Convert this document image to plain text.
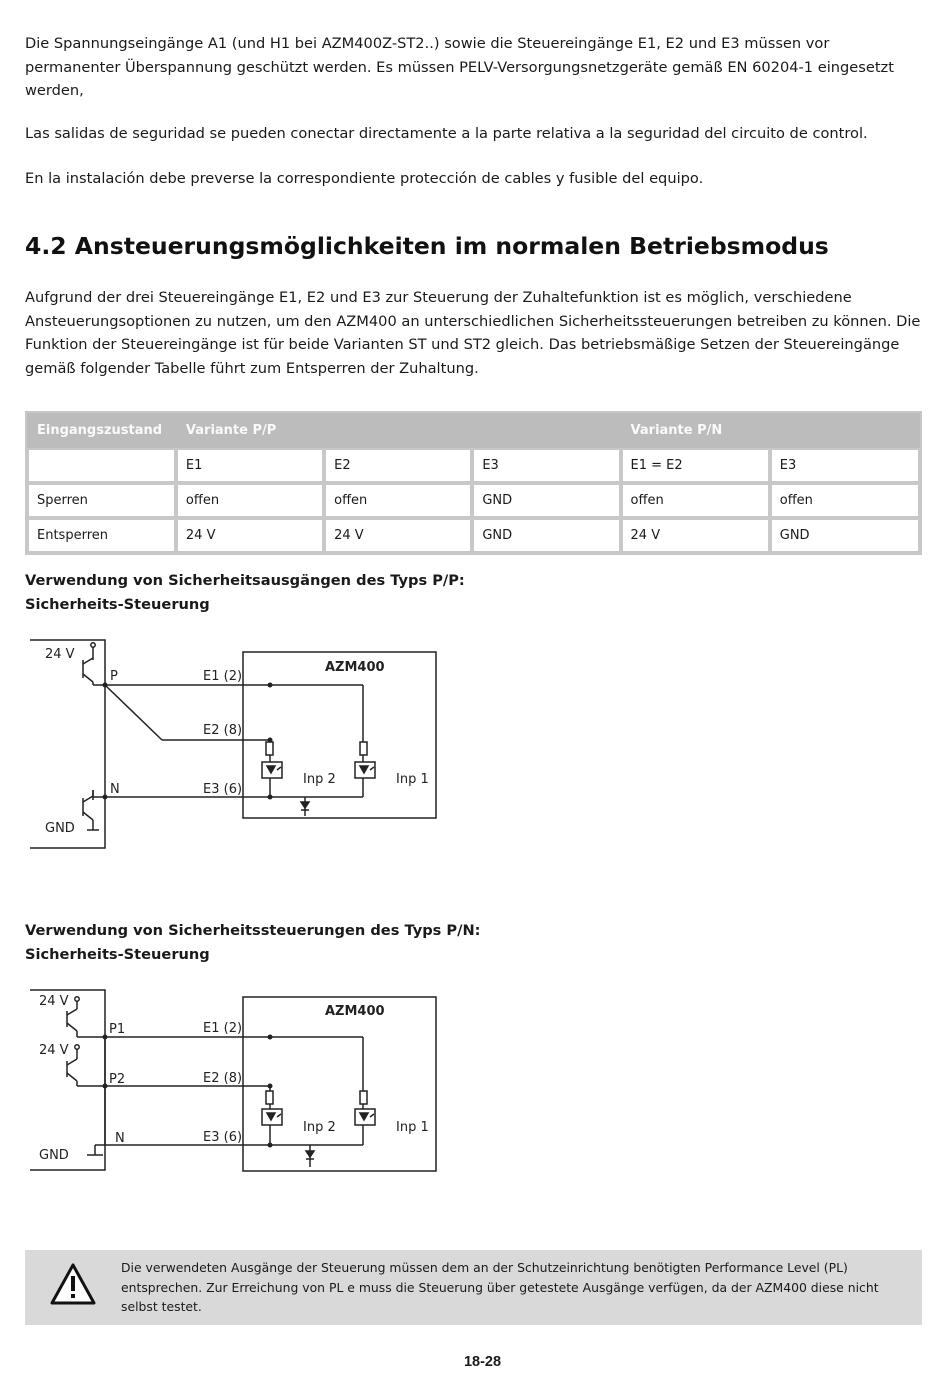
Die Spannungseingänge A1 (und H1 bei AZM400Z-ST2..) sowie die Steuereingänge E1, E2 und E3 müssen vor permanenter Überspannung geschützt werden. Es müssen PELV-Versorgungsnetzgeräte gemäß EN 60204-1 eingesetzt werden,

Las salidas de seguridad se pueden conectar directamente a la parte relativa a la seguridad del circuito de control.

En la instalación debe preverse la correspondiente protección de cables y fusible del equipo.

4.2 Ansteuerungsmöglichkeiten im normalen Betriebsmodus

Aufgrund der drei Steuereingänge E1, E2 und E3 zur Steuerung der Zuhaltefunktion ist es möglich, verschiedene Ansteuerungsoptionen zu nutzen, um den AZM400 an unterschiedlichen Sicherheitssteuerungen betreiben zu können. Die Funktion der Steuereingänge ist für beide Varianten ST und ST2 gleich. Das betriebsmäßige Setzen der Steuereingänge gemäß folgender Tabelle führt zum Entsperren der Zuhaltung.

Eingangszustand	Variante P/P			Variante P/N	
	E1	E2	E3	E1 = E2	E3
Sperren	offen	offen	GND	offen	offen
Entsperren	24 V	24 V	GND	24 V	GND
Verwendung von Sicherheitsausgängen des Typs P/P:
Sicherheits-Steuerung
24 V
P
N
GND
E1 (2)
E2 (8)
E3 (6)
AZM400
Inp 2	Inp 1
Verwendung von Sicherheitssteuerungen des Typs P/N:
Sicherheits-Steuerung
24 V
24 V
P1
P2
N
GND
E1 (2)
E2 (8)
E3 (6)
AZM400
Inp 2	Inp 1

Die verwendeten Ausgänge der Steuerung müssen dem an der Schutzeinrichtung benötigten Performance Level (PL) entsprechen. Zur Erreichung von PL e muss die Steuerung über getestete Ausgänge verfügen, da der AZM400 diese nicht selbst testet.

18-28
